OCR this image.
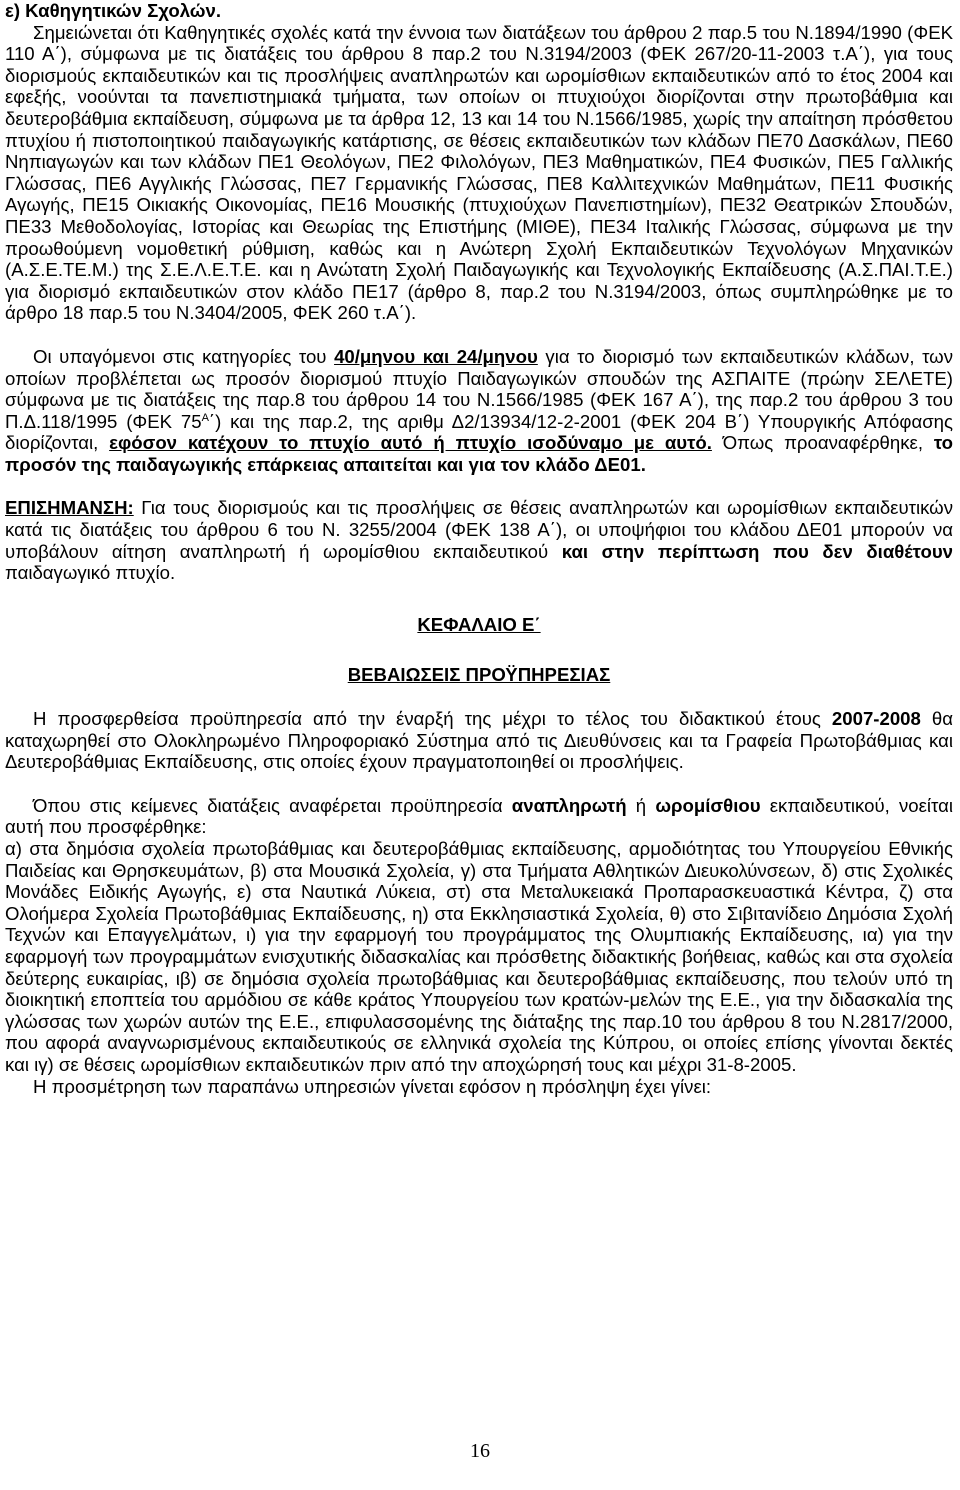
ε) Καθηγητικών Σχολών.

Σημειώνεται ότι Καθηγητικές σχολές κατά την έννοια των διατάξεων του άρθρου 2 παρ.5 του Ν.1894/1990 (ΦΕΚ 110 Α΄), σύμφωνα με τις διατάξεις του άρθρου 8 παρ.2 του Ν.3194/2003 (ΦΕΚ 267/20-11-2003 τ.Α΄), για τους διορισμούς εκπαιδευτικών και τις προσλήψεις αναπληρωτών και ωρομίσθιων εκπαιδευτικών από το έτος 2004 και εφεξής, νοούνται τα πανεπιστημιακά τμήματα, των οποίων οι πτυχιούχοι διορίζονται στην πρωτοβάθμια και δευτεροβάθμια εκπαίδευση, σύμφωνα με τα άρθρα 12, 13 και 14 του Ν.1566/1985, χωρίς την απαίτηση πρόσθετου πτυχίου ή πιστοποιητικού παιδαγωγικής κατάρτισης, σε θέσεις εκπαιδευτικών των κλάδων ΠΕ70 Δασκάλων, ΠΕ60 Νηπιαγωγών και των κλάδων ΠΕ1 Θεολόγων, ΠΕ2 Φιλολόγων, ΠΕ3 Μαθηματικών, ΠΕ4 Φυσικών, ΠΕ5 Γαλλικής Γλώσσας, ΠΕ6 Αγγλικής Γλώσσας, ΠΕ7 Γερμανικής Γλώσσας, ΠΕ8 Καλλιτεχνικών Μαθημάτων, ΠΕ11 Φυσικής Αγωγής, ΠΕ15 Οικιακής Οικονομίας, ΠΕ16 Μουσικής (πτυχιούχων Πανεπιστημίων), ΠΕ32 Θεατρικών Σπουδών, ΠΕ33 Μεθοδολογίας, Ιστορίας και Θεωρίας της Επιστήμης (ΜΙΘΕ), ΠΕ34 Ιταλικής Γλώσσας, σύμφωνα με την προωθούμενη νομοθετική ρύθμιση, καθώς και η Ανώτερη Σχολή Εκπαιδευτικών Τεχνολόγων Μηχανικών (Α.Σ.Ε.ΤΕ.Μ.) της Σ.Ε.Λ.Ε.Τ.Ε. και η Ανώτατη Σχολή Παιδαγωγικής και Τεχνολογικής Εκπαίδευσης (Α.Σ.ΠΑΙ.Τ.Ε.) για διορισμό εκπαιδευτικών στον κλάδο ΠΕ17 (άρθρο 8, παρ.2 του Ν.3194/2003, όπως συμπληρώθηκε με το άρθρο 18 παρ.5 του Ν.3404/2005, ΦΕΚ 260 τ.Α΄).

Οι υπαγόμενοι στις κατηγορίες του 40/μηνου και 24/μηνου για το διορισμό των εκπαιδευτικών κλάδων, των οποίων προβλέπεται ως προσόν διορισμού πτυχίο Παιδαγωγικών σπουδών της ΑΣΠΑΙΤΕ (πρώην ΣΕΛΕΤΕ) σύμφωνα με τις διατάξεις της παρ.8 του άρθρου 14 του Ν.1566/1985 (ΦΕΚ 167 Α΄), της παρ.2 του άρθρου 3 του Π.Δ.118/1995 (ΦΕΚ $75^A΄$) και της παρ.2, της αριθμ Δ2/13934/12-2-2001 (ΦΕΚ 204 Β΄) Υπουργικής Απόφασης διορίζονται, εφόσον κατέχουν το πτυχίο αυτό ή πτυχίο ισοδύναμο με αυτό. Όπως προαναφέρθηκε, το προσόν της παιδαγωγικής επάρκειας απαιτείται και για τον κλάδο ΔΕ01.

ΕΠΙΣΗΜΑΝΣΗ: Για τους διορισμούς και τις προσλήψεις σε θέσεις αναπληρωτών και ωρομίσθιων εκπαιδευτικών κατά τις διατάξεις του άρθρου 6 του Ν. 3255/2004 (ΦΕΚ 138 Α΄), οι υποψήφιοι του κλάδου ΔΕ01 μπορούν να υποβάλουν αίτηση αναπληρωτή ή ωρομίσθιου εκπαιδευτικού και στην περίπτωση που δεν διαθέτουν παιδαγωγικό πτυχίο.

ΚΕΦΑΛΑΙΟ Ε΄

ΒΕΒΑΙΩΣΕΙΣ ΠΡΟΫΠΗΡΕΣΙΑΣ

Η προσφερθείσα προϋπηρεσία από την έναρξή της μέχρι το τέλος του διδακτικού έτους 2007-2008 θα καταχωρηθεί στο Ολοκληρωμένο Πληροφοριακό Σύστημα από τις Διευθύνσεις και τα Γραφεία Πρωτοβάθμιας και Δευτεροβάθμιας Εκπαίδευσης, στις οποίες έχουν πραγματοποιηθεί οι προσλήψεις.

Όπου στις κείμενες διατάξεις αναφέρεται προϋπηρεσία αναπληρωτή ή ωρομίσθιου εκπαιδευτικού, νοείται αυτή που προσφέρθηκε:

α) στα δημόσια σχολεία πρωτοβάθμιας και δευτεροβάθμιας εκπαίδευσης, αρμοδιότητας του Υπουργείου Εθνικής Παιδείας και Θρησκευμάτων, β) στα Μουσικά Σχολεία, γ) στα Τμήματα Αθλητικών Διευκολύνσεων, δ) στις Σχολικές Μονάδες Ειδικής Αγωγής, ε) στα Ναυτικά Λύκεια, στ) στα Μεταλυκειακά Προπαρασκευαστικά Κέντρα, ζ) στα Ολοήμερα Σχολεία Πρωτοβάθμιας Εκπαίδευσης, η) στα Εκκλησιαστικά Σχολεία, θ) στο Σιβιτανίδειο Δημόσια Σχολή Τεχνών και Επαγγελμάτων, ι) για την εφαρμογή του προγράμματος της Ολυμπιακής Εκπαίδευσης, ια) για την εφαρμογή των προγραμμάτων ενισχυτικής διδασκαλίας και πρόσθετης διδακτικής βοήθειας, καθώς και στα σχολεία δεύτερης ευκαιρίας, ιβ) σε δημόσια σχολεία πρωτοβάθμιας και δευτεροβάθμιας εκπαίδευσης, που τελούν υπό τη διοικητική εποπτεία του αρμόδιου σε κάθε κράτος Υπουργείου των κρατών-μελών της Ε.Ε., για την διδασκαλία της γλώσσας των χωρών αυτών της Ε.Ε., επιφυλασσομένης της διάταξης της παρ.10 του άρθρου 8 του Ν.2817/2000, που αφορά αναγνωρισμένους εκπαιδευτικούς σε ελληνικά σχολεία της Κύπρου, οι οποίες επίσης γίνονται δεκτές και ιγ) σε θέσεις ωρομίσθιων εκπαιδευτικών πριν από την αποχώρησή τους και μέχρι 31-8-2005.

Η προσμέτρηση των παραπάνω υπηρεσιών γίνεται εφόσον η πρόσληψη έχει γίνει:

16
